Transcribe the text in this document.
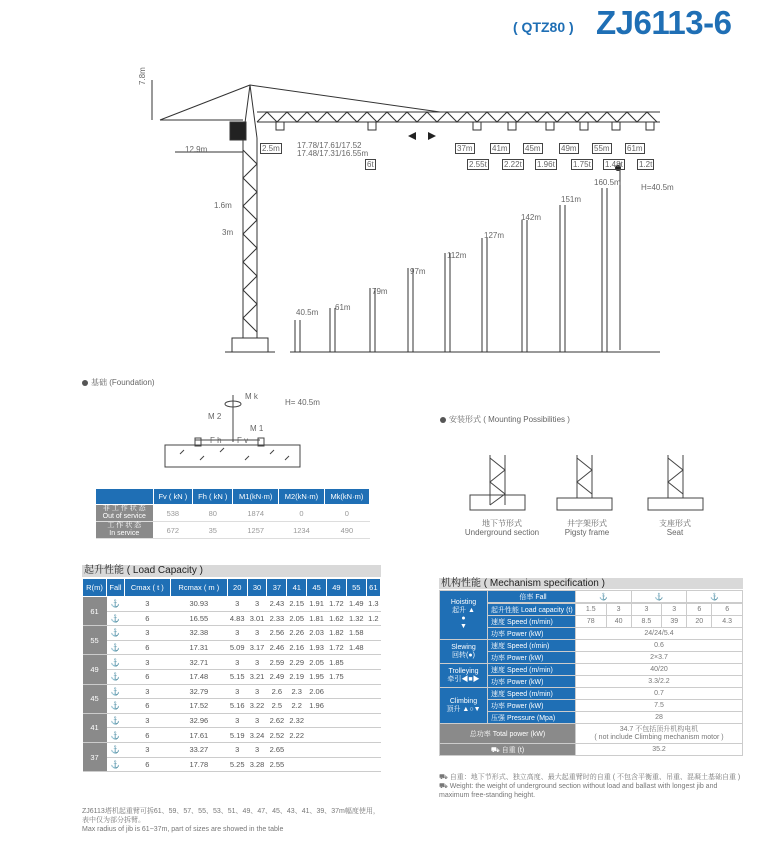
( QTZ80 ) ZJ6113-6
7.8m
12.9m
1.6m
3m
H=40.5m
2.5m 17.78/17.61/17.52
17.48/17.31/16.55m
6t
37m 41m 45m	49m 55m 61m
2.55t 2.22t 1.96t 1.75t 1.48t 1.2t
40.5m
61m
79m
97m
112m
127m
142m
151m
160.5m
基础 (Foundation)
M k
H= 40.5m
M 2
M 1
F h F v
	Fv ( kN )	Fh ( kN )	M1(kN·m)	M2(kN·m)	Mk(kN·m)
非 工 作 状 态
Out of service	538	80	1874	0	0
工 作 状 态
In service	672	35	1257	1234	490
安装形式 ( Mounting Possibilities )
地下节形式
Underground section
井字架形式
Pigsty frame
支座形式
Seat
起升性能 ( Load Capacity )
R(m)	Fall	Cmax ( t )	Rcmax ( m )	20	30	37	41	45	49	55	61
61	⚓	3	30.93	3	3	2.43	2.15	1.91	1.72	1.49	1.3
	⚓	6	16.55	4.83	3.01	2.33	2.05	1.81	1.62	1.32	1.2
55	⚓	3	32.38	3	3	2.56	2.26	2.03	1.82	1.58	
	⚓	6	17.31	5.09	3.17	2.46	2.16	1.93	1.72	1.48	
49	⚓	3	32.71	3	3	2.59	2.29	2.05	1.85		
	⚓	6	17.48	5.15	3.21	2.49	2.19	1.95	1.75		
45	⚓	3	32.79	3	3	2.6	2.3	2.06			
	⚓	6	17.52	5.16	3.22	2.5	2.2	1.96			
41	⚓	3	32.96	3	3	2.62	2.32				
	⚓	6	17.61	5.19	3.24	2.52	2.22				
37	⚓	3	33.27	3	3	2.65					
	⚓	6	17.78	5.25	3.28	2.55					
ZJ6113塔机起重臂可拆61、59、57、55、53、51、49、47、45、43、41、39、37m幅度使用，表中仅为部分拆臂。
Max radius of jib is 61~37m, part of sizes are showed in the table
机构性能 ( Mechanism specification )
Hoisting
起升 ▲
●
▼	倍率 Fall	⚓		⚓		⚓	

	起升性能 Load capacity (t)	1.5	3	3	3	6	6
	速度 Speed (m/min)	78	40	8.5	39	20	4.3
	功率 Power (kW)	24/24/5.4					
Slewing
回转(●)	速度 Speed (r/min)	0.6					
	功率 Power (kW)	2×3.7					
Trolleying
牵引◀■▶	速度 Speed (m/min)	40/20					
	功率 Power (kW)	3.3/2.2					
Climbing
顶升 ▲○▼	速度 Speed (m/min)	0.7					
	功率 Power (kW)	7.5					
	压强 Pressure (Mpa)	28					
总功率 Total power (kW)		34.7 不包括顶升机构电机
( not include Climbing mechanism motor )					
⛟ 自重 (t)		35.2					
⛟ 自重：地下节形式、独立高度、最大起重臂时的自重 ( 不包含平衡重、吊重、混凝土基础自重 )
⛟ Weight: the weight of underground section without load and ballast with longest jib and maximum free-standing height.
